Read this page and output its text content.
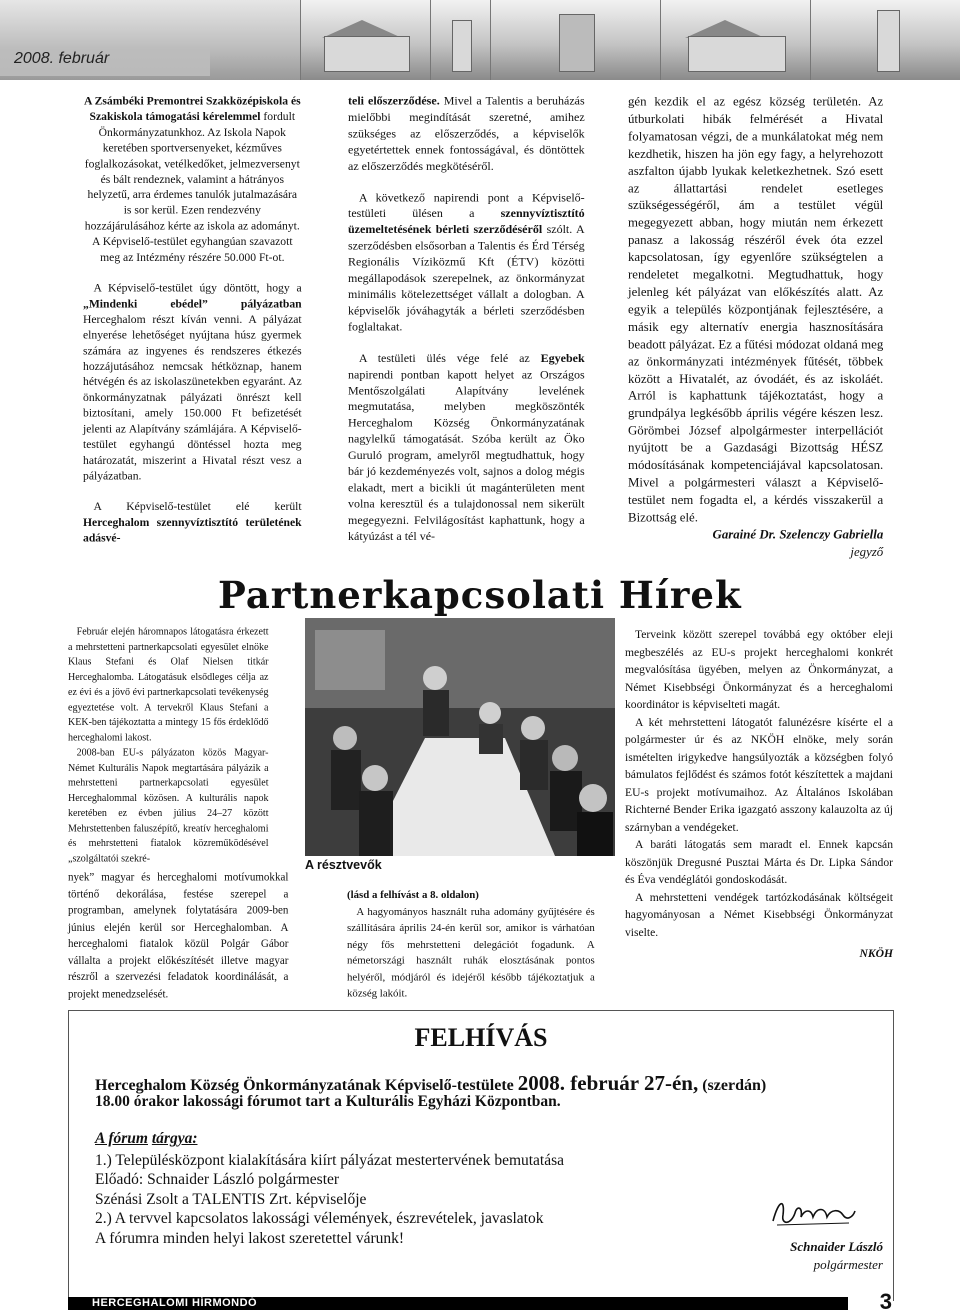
2008. február

A Zsámbéki Premontrei Szakközépiskola és Szakiskola támogatási kérelemmel fordult Önkormányzatunkhoz. Az Iskola Napok keretében sportversenyeket, kézműves foglalkozásokat, vetélkedőket, jelmezversenyt és bált rendeznek, valamint a hátrányos helyzetű, arra érdemes tanulók jutalmazására is sor kerül. Ezen rendezvény hozzájárulásához kérte az iskola az adományt. A Képviselő-testület egyhangúan szavazott meg az Intézmény részére 50.000 Ft-ot.

A Képviselő-testület úgy döntött, hogy a „Mindenki ebédel” pályázatban Herceghalom részt kíván venni. A pályázat elnyerése lehetőséget nyújtana húsz gyermek számára az ingyenes és rendszeres étkezés hozzájutásához nemcsak hétköznap, hanem hétvégén és az iskolaszünetekben egyaránt. Az önkormányzatnak pályázati önrészt kell biztosítani, amely 150.000 Ft befizetését jelenti az Alapítvány számlájára. A Képviselő-testület egyhangú döntéssel hozta meg határozatát, miszerint a Hivatal részt vesz a pályázatban.

A Képviselő-testület elé került Herceghalom szennyvíztisztító területének adásvé-

teli előszerződése. Mivel a Talentis a beruházás mielőbbi megindítását szeretné, amihez szükséges az előszerződés, a képviselők egyetértettek ennek fontosságával, és döntöttek az előszerződés megkötéséről.

A következő napirendi pont a Képviselő-testületi ülésen a szennyvíztisztító üzemeltetésének bérleti szerződéséről szólt. A szerződésben elsősorban a Talentis és Érd Térség Regionális Víziközmű Kft (ÉTV) közötti megállapodások szerepelnek, az önkormányzat minimális kötelezettséget vállalt a dologban. A képviselők jóváhagyták a bérleti szerződésben foglaltakat.

A testületi ülés vége felé az Egyebek napirendi pontban kapott helyet az Országos Mentőszolgálati Alapítvány levelének megmutatása, melyben megköszönték Herceghalom Község Önkormányzatának nagylelkű támogatását. Szóba került az Öko Guruló program, amelyről megtudhattuk, hogy bár jó kezdeményezés volt, sajnos a dolog mégis elakadt, mert a bicikli út magánterületen ment volna keresztül és a tulajdonossal nem sikerült megegyezni. Felvilágosítást kaphattunk, hogy a kátyúzást a tél vé-

gén kezdik el az egész község területén. Az útburkolati hibák felmérését a Hivatal folyamatosan végzi, de a munkálatokat még nem kezdhetik, hiszen ha jön egy fagy, a helyrehozott aszfalton újabb lyukak keletkezhetnek. Szó esett az állattartási rendelet esetleges szükségességéről, ám a testület végül megegyezett abban, hogy miután nem érkezett panasz a lakosság részéről évek óta ezzel kapcsolatosan, így egyenlőre szükségtelen a rendeletet megalkotni. Megtudhattuk, hogy jelenleg két pályázat van előkészítés alatt. Az egyik a település központjának fejlesztésére, a másik egy alternatív energia hasznosítására beadott pályázat. Ez a fűtési módozat oldaná meg az önkormányzati intézmények fűtését, többek között a Hivatalét, az óvodáét, és az iskoláét. Arról is kaphattunk tájékoztatást, hogy a grundpálya legkésőbb április végére készen lesz. Görömbei József alpolgármester interpellációt nyújtott be a Gazdasági Bizottság HÉSZ módosításának kompetenciájával kapcsolatosan. Mivel a polgármesteri választ a Képviselő-testület nem fogadta el, a kérdés visszakerül a Bizottság elé.

Garainé Dr. Szelenczy Gabriella
jegyző
Partnerkapcsolati Hírek

Február elején háromnapos látogatásra érkezett a mehrstetteni partnerkapcsolati egyesület elnöke Klaus Stefani és Olaf Nielsen titkár Herceghalomba. Látogatásuk elsődleges célja az ez évi és a jövő évi partnerkapcsolati tevékenység egyeztetése volt. A tervekről Klaus Stefani a KEK-ben tájékoztatta a mintegy 15 fős érdeklődő herceghalomi lakost.

2008-ban EU-s pályázaton közös Magyar- Német Kulturális Napok megtartására pályázik a mehrstetteni partnerkapcsolati egyesület Herceghalommal közösen. A kulturális napok keretében ez évben július 24–27 között Mehrstettenben faluszépítő, kreatív herceghalomi és mehrstetteni fiatalok közreműködésével „szolgáltatói szekré-	A résztvevők

nyek” magyar és herceghalomi motívumokkal történő dekorálása, festése szerepel a programban, amelynek folytatására 2009-ben június elején kerül sor Herceghalomban. A herceghalomi fiatalok közül Polgár Gábor vállalta a projekt előkészítését illetve magyar részről a szervezési feladatok koordinálását, a projekt menedzselését.

(lásd a felhívást a 8. oldalon)

A hagyományos használt ruha adomány gyűjtésére és szállítására április 24-én kerül sor, amikor is várhatóan négy fős mehrstetteni delegációt fogadunk. A németországi használt ruhák elosztásának pontos helyéről, módjáról és idejéről később tájékoztatjuk a község lakóit.

Terveink között szerepel továbbá egy október eleji megbeszélés az EU-s projekt herceghalomi konkrét megvalósítása ügyében, melyen az Önkormányzat, a Német Kisebbségi Önkormányzat és a herceghalomi koordinátor is képviselteti magát.

A két mehrstetteni látogatót falunézésre kísérte el a polgármester úr és az NKÖH elnöke, mely során ismételten irigykedve hangsúlyozták a községben folyó bámulatos fejlődést és számos fotót készítettek a majdani EU-s projekt motívumaihoz. Az Általános Iskolában Richterné Bender Erika igazgató asszony kalauzolta az új szárnyban a vendégeket.

A baráti látogatás sem maradt el. Ennek kapcsán köszönjük Dregusné Pusztai Márta és Dr. Lipka Sándor és Éva vendéglátói gondoskodását.

A mehrstetteni vendégek tartózkodásának költségeit hagyományosan a Német Kisebbségi Önkormányzat viselte.

NKÖH
FELHÍVÁS
Herceghalom Község Önkormányzatának Képviselő-testülete 2008. február 27-én, (szerdán)
18.00 órakor lakossági fórumot tart a Kulturális Egyházi Központban.
A fórum tárgya:
1.) Településközpont kialakítására kiírt pályázat mestertervének bemutatása
Előadó: Schnaider László polgármester
Szénási Zsolt a TALENTIS Zrt. képviselője
2.) A tervvel kapcsolatos lakossági vélemények, észrevételek, javaslatok
A fórumra minden helyi lakost szeretettel várunk!	Schnaider László
polgármester
HERCEGHALOMI HÍRMONDÓ	3
